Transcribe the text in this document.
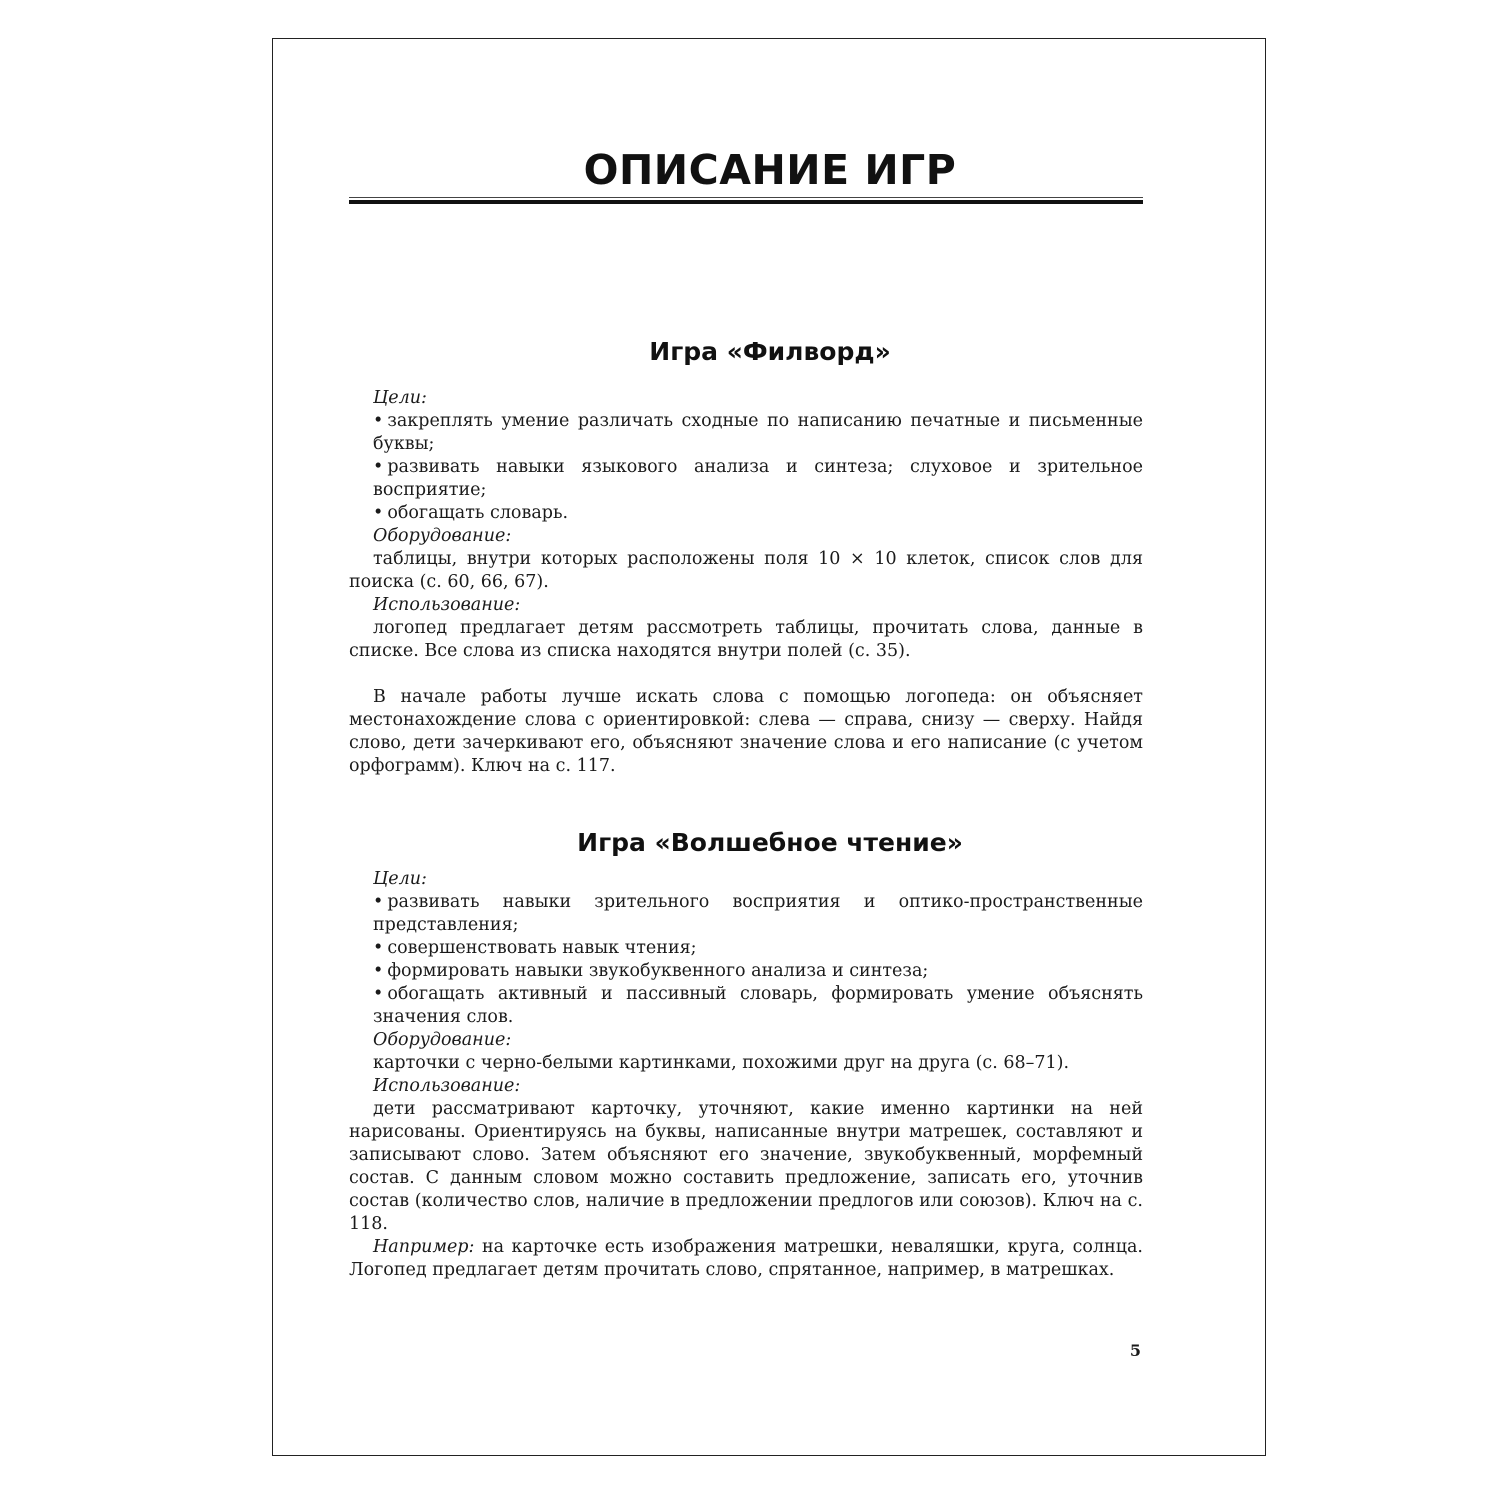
ОПИСАНИЕ ИГР
Игра «Филворд»

Цели:

• закреплять умение различать сходные по написанию печатные и письменные буквы;

• развивать навыки языкового анализа и синтеза; слуховое и зрительное восприятие;

• обогащать словарь.

Оборудование:

таблицы, внутри которых расположены поля 10 × 10 клеток, список слов для поиска (с. 60, 66, 67).

Использование:

логопед предлагает детям рассмотреть таблицы, прочитать слова, данные в списке. Все слова из списка находятся внутри полей (с. 35).

В начале работы лучше искать слова с помощью логопеда: он объясняет местонахождение слова с ориентировкой: слева — справа, снизу — сверху. Найдя слово, дети зачеркивают его, объясняют значение слова и его написание (с учетом орфограмм). Ключ на с. 117.

Игра «Волшебное чтение»

Цели:

• развивать навыки зрительного восприятия и оптико-пространственные представления;

• совершенствовать навык чтения;

• формировать навыки звукобуквенного анализа и синтеза;

• обогащать активный и пассивный словарь, формировать умение объяснять значения слов.

Оборудование:

карточки с черно-белыми картинками, похожими друг на друга (с. 68–71).

Использование:

дети рассматривают карточку, уточняют, какие именно картинки на ней нарисованы. Ориентируясь на буквы, написанные внутри матрешек, составляют и записывают слово. Затем объясняют его значение, звукобуквенный, морфемный состав. С данным словом можно составить предложение, записать его, уточнив состав (количество слов, наличие в предложении предлогов или союзов). Ключ на с. 118.

Например: на карточке есть изображения матрешки, неваляшки, круга, солнца. Логопед предлагает детям прочитать слово, спрятанное, например, в матрешках.

5
